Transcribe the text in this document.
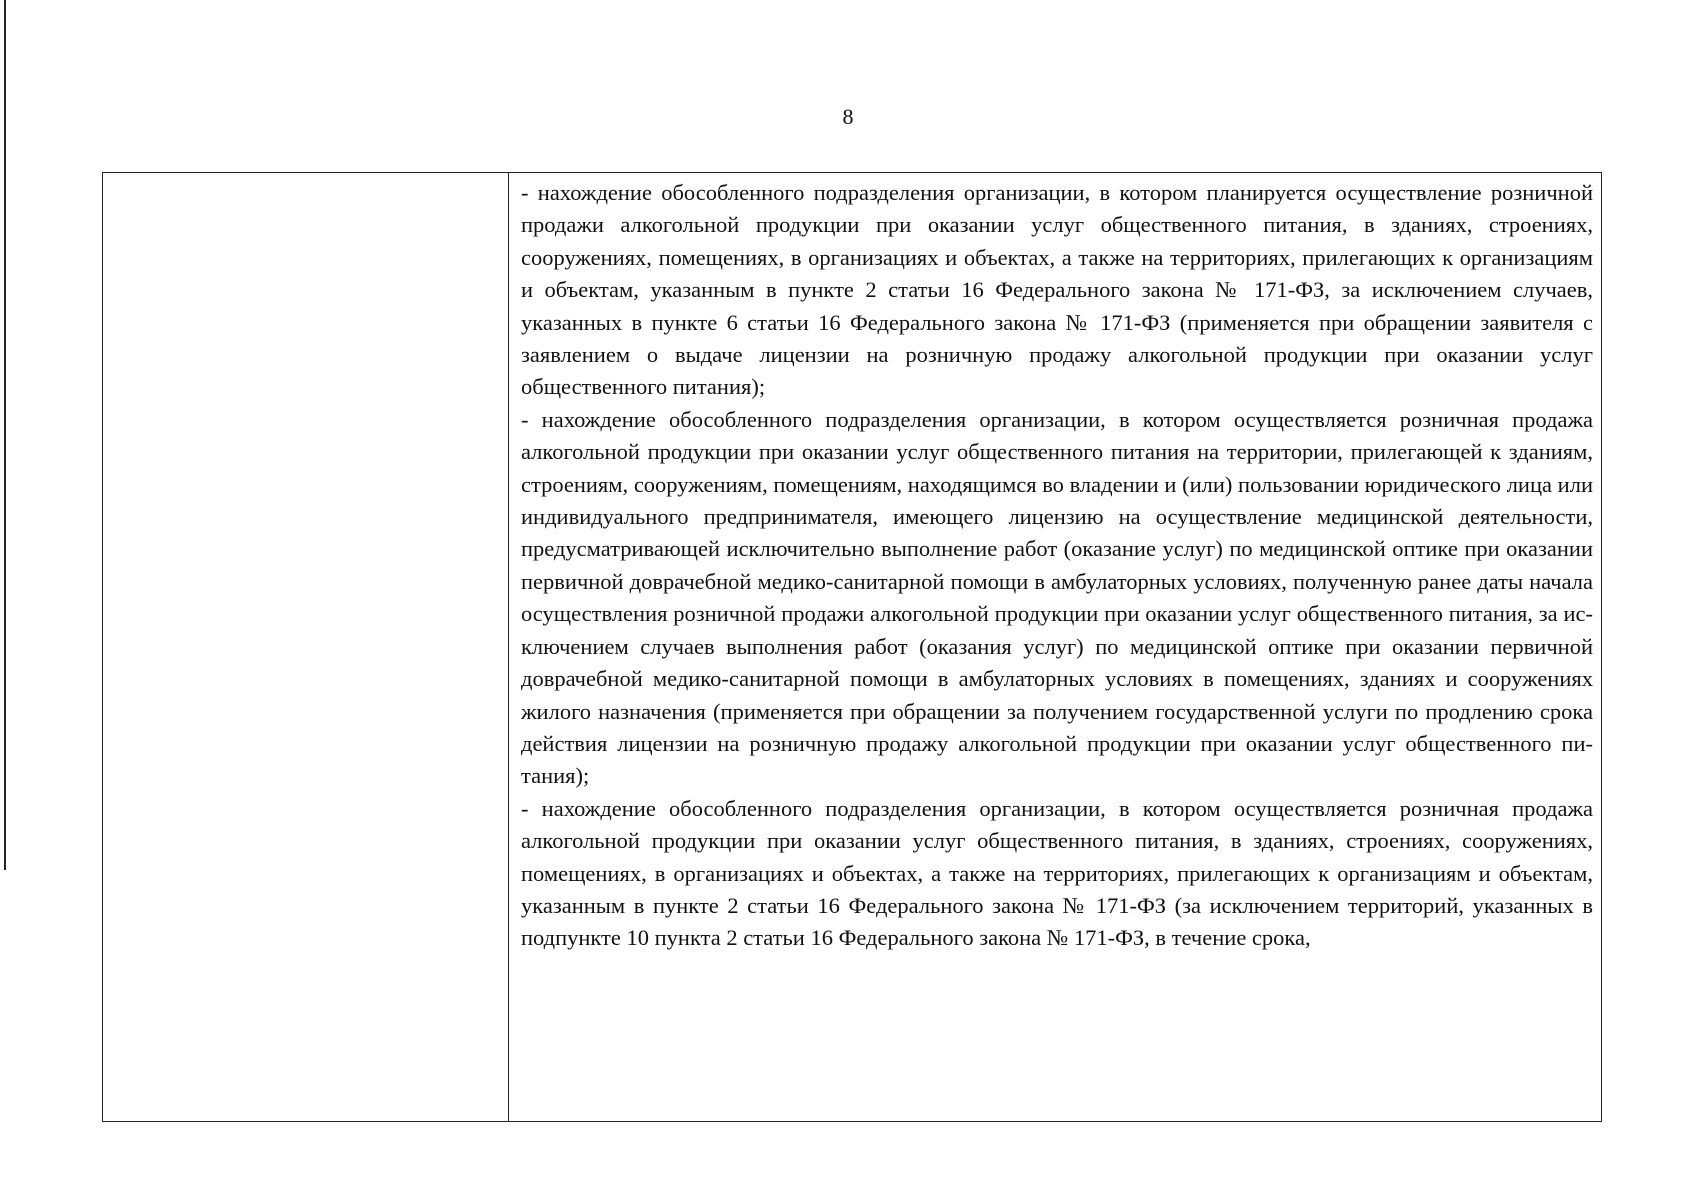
8

- нахождение обособленного подразделения организации, в котором планируется осуществление розничной продажи алкогольной продукции при оказании услуг общественного питания, в зданиях, строениях, сооружениях, помещениях, в организациях и объектах, а также на территориях, прилегающих к организациям и объектам, указанным в пункте 2 статьи 16 Федерального закона № 171-ФЗ, за исключением случаев, указанных в пункте 6 статьи 16 Федерального закона № 171-ФЗ (применяется при обращении заявителя с заявлением о выдаче лицензии на розничную продажу алкогольной продукции при оказании услуг общественного питания);

- нахождение обособленного подразделения организации, в котором осуществляется розничная продажа алкогольной продукции при оказании услуг общественного питания на территории, прилегающей к зданиям, строениям, сооружениям, помещениям, находящимся во владении и (или) пользовании юридического лица или индивидуального предпринимателя, имеющего лицензию на осуществление медицинской деятельности, предусматривающей исключительно выполнение работ (оказание услуг) по медицинской оптике при оказании первичной доврачебной медико-санитарной помощи в амбулаторных условиях, полученную ранее даты начала осуществления розничной продажи алкогольной продукции при оказании услуг общественного питания, за исключением случаев выполнения работ (оказания услуг) по медицинской оптике при оказании первичной доврачебной медико-санитарной помощи в амбулаторных условиях в помещениях, зданиях и сооружениях жилого назначения (применяется при обращении за получением государственной услуги по продлению срока действия лицензии на розничную продажу алкогольной продукции при оказании услуг общественного питания);

- нахождение обособленного подразделения организации, в котором осуществляется розничная продажа алкогольной продукции при оказании услуг общественного питания, в зданиях, строениях, сооружениях, помещениях, в организациях и объектах, а также на территориях, прилегающих к организациям и объектам, указанным в пункте 2 статьи 16 Федерального закона № 171-ФЗ (за исключением территорий, указанных в подпункте 10 пункта 2 статьи 16 Федерального закона № 171-ФЗ, в течение срока,
